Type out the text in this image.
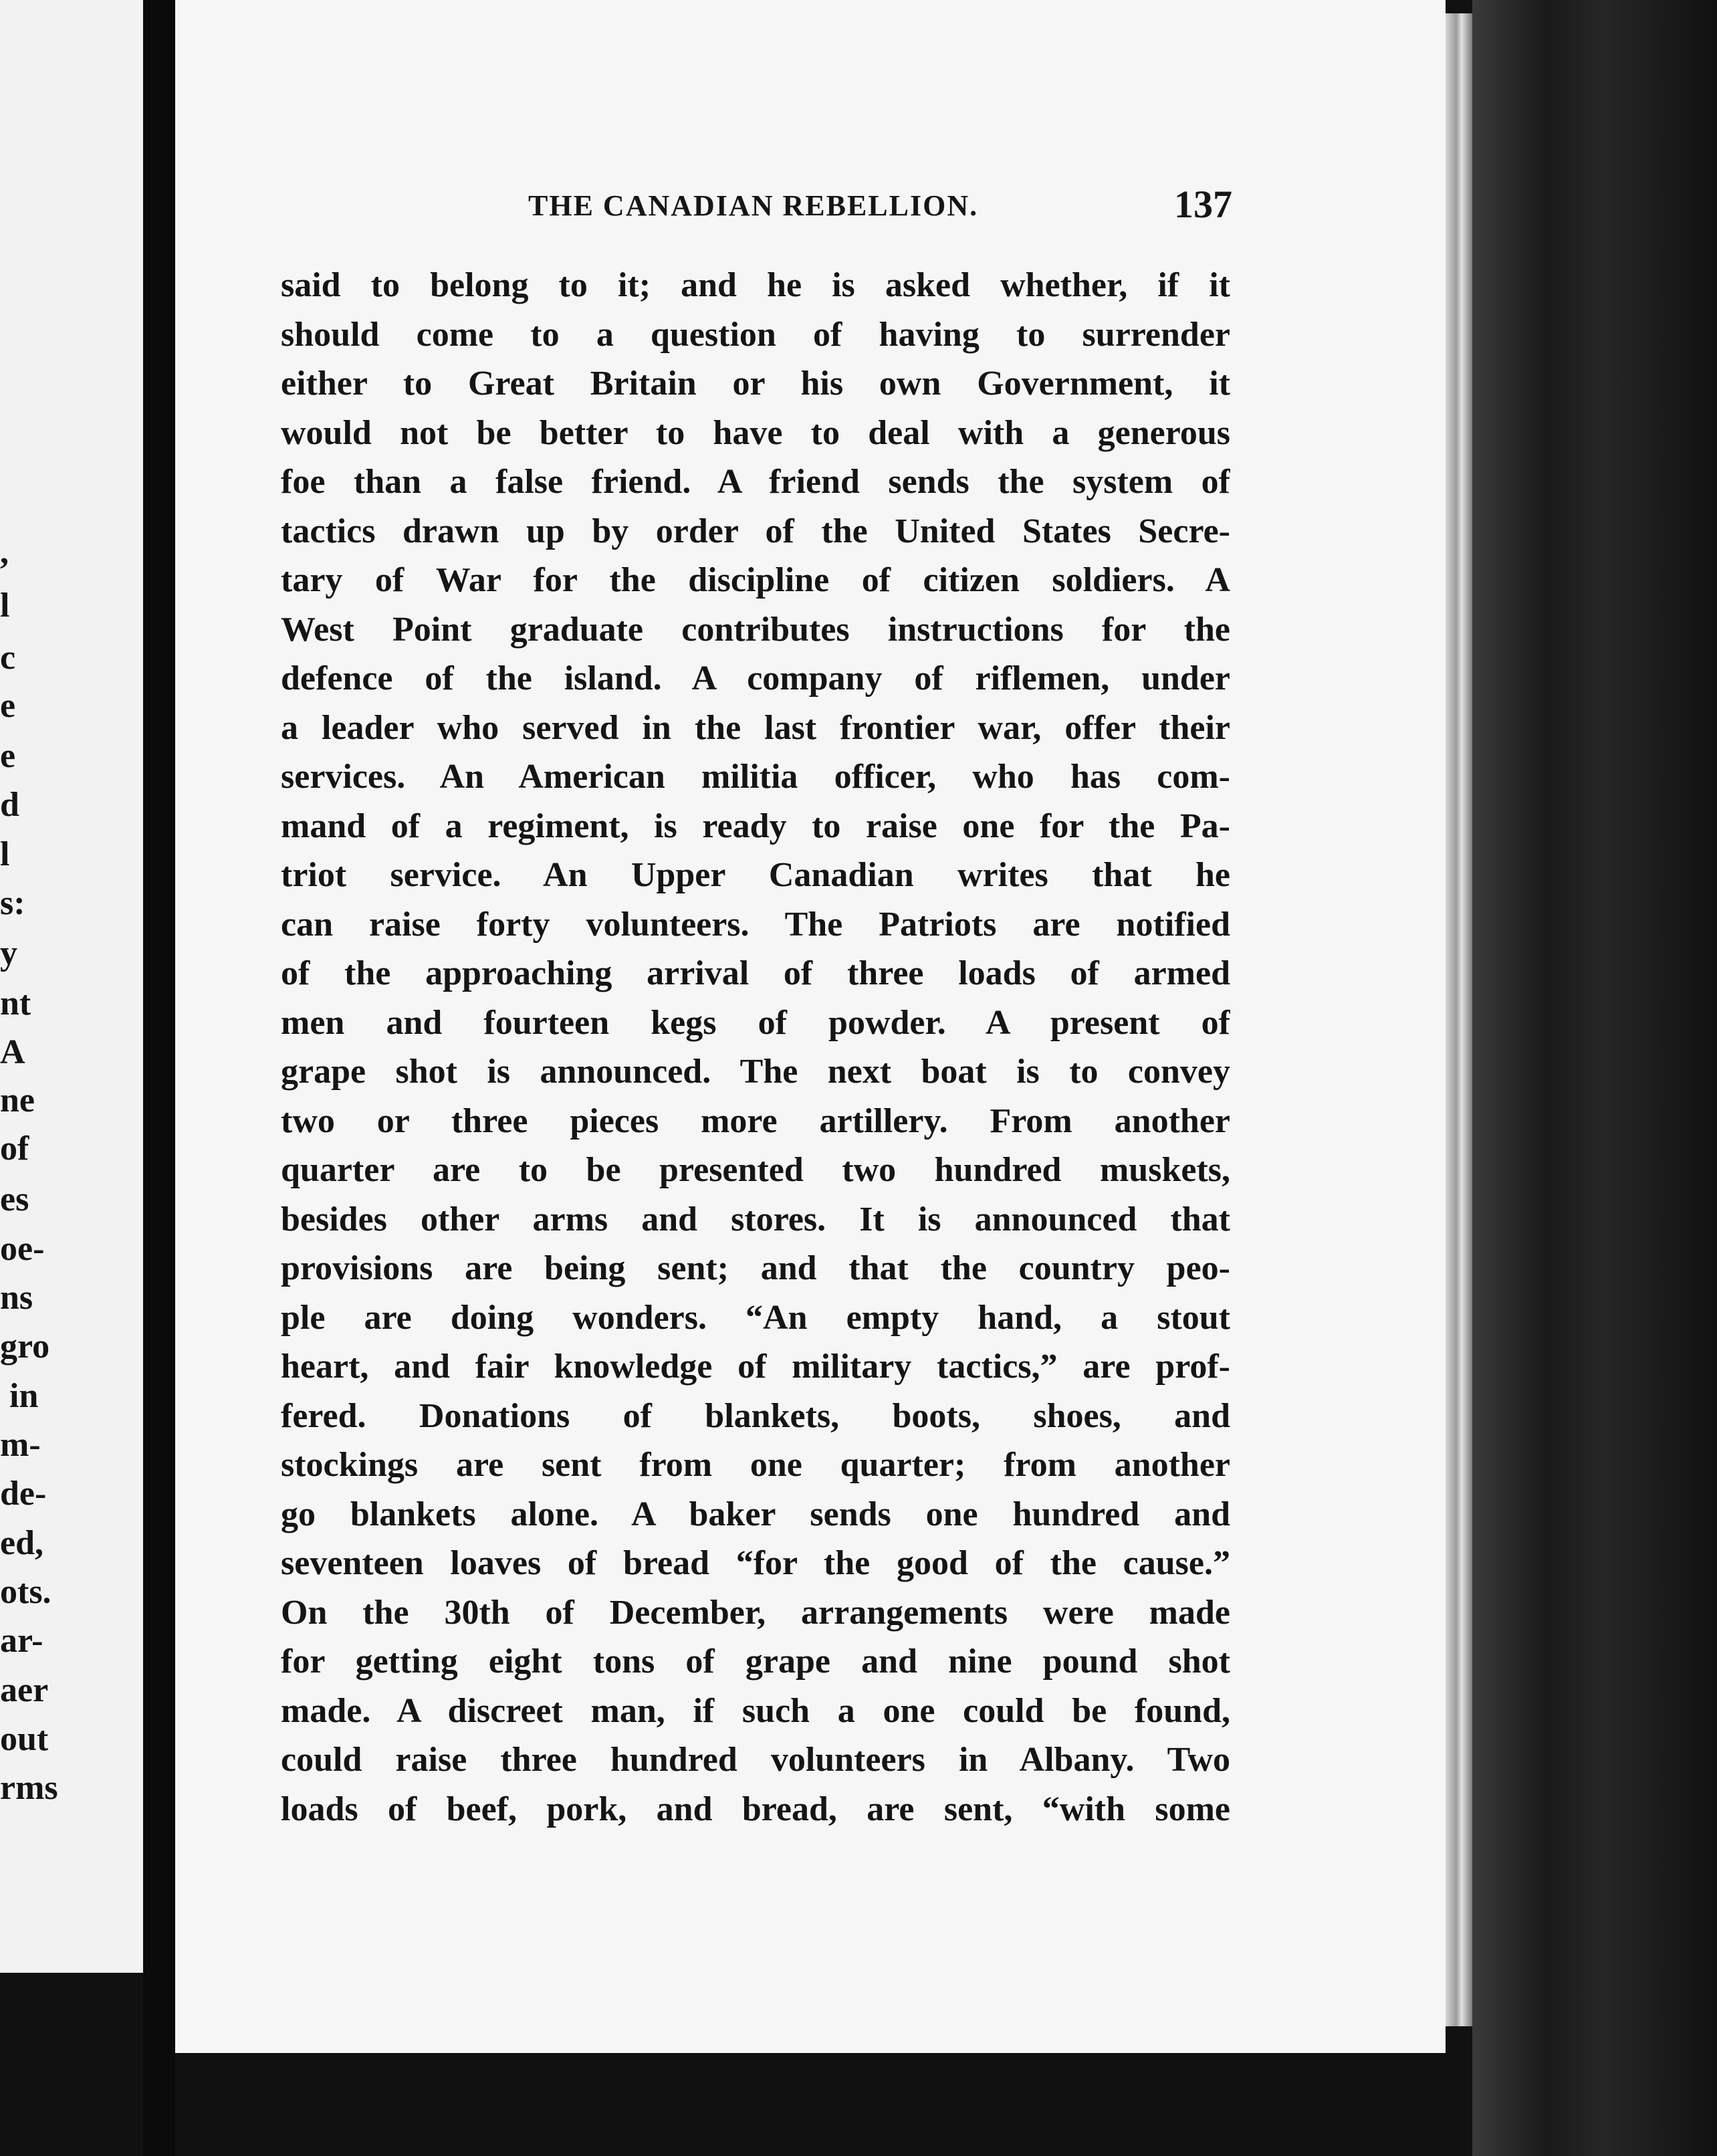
,
l
c
e
e
d
l
s:
y
nt
A
ne
of
es
oe-
ns
gro
in
m-
de-
ed,
ots.
ar-
aer
out
rms
THE CANADIAN REBELLION.	137
said to belong to it; and he is asked whether, if it
should come to a question of having to surrender
either to Great Britain or his own Government, it
would not be better to have to deal with a generous
foe than a false friend. A friend sends the system of
tactics drawn up by order of the United States Secre-
tary of War for the discipline of citizen soldiers. A
West Point graduate contributes instructions for the
defence of the island. A company of riflemen, under
a leader who served in the last frontier war, offer their
services. An American militia officer, who has com-
mand of a regiment, is ready to raise one for the Pa-
triot service. An Upper Canadian writes that he
can raise forty volunteers. The Patriots are notified
of the approaching arrival of three loads of armed
men and fourteen kegs of powder. A present of
grape shot is announced. The next boat is to convey
two or three pieces more artillery. From another
quarter are to be presented two hundred muskets,
besides other arms and stores. It is announced that
provisions are being sent; and that the country peo-
ple are doing wonders. “An empty hand, a stout
heart, and fair knowledge of military tactics,” are prof-
fered. Donations of blankets, boots, shoes, and
stockings are sent from one quarter; from another
go blankets alone. A baker sends one hundred and
seventeen loaves of bread “for the good of the cause.”
On the 30th of December, arrangements were made
for getting eight tons of grape and nine pound shot
made. A discreet man, if such a one could be found,
could raise three hundred volunteers in Albany. Two
loads of beef, pork, and bread, are sent, “with some
